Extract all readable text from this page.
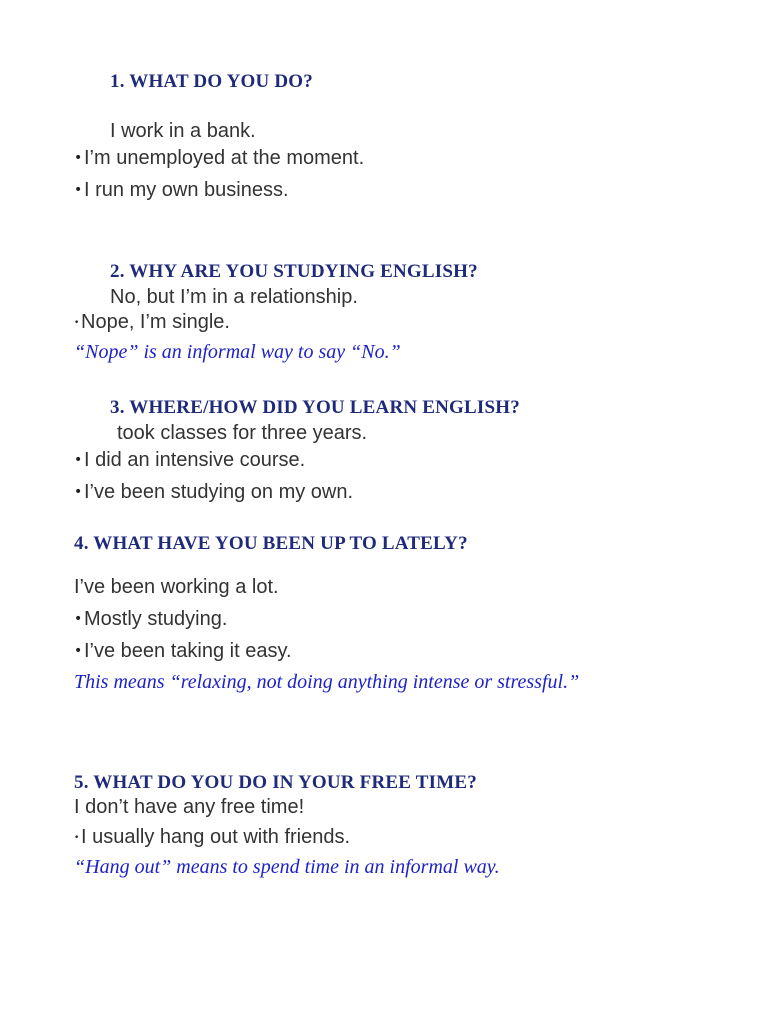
1. WHAT DO YOU DO?
I work in a bank.
•I’m unemployed at the moment.
•I run my own business.
2. WHY ARE YOU STUDYING ENGLISH?
No, but I’m in a relationship.
•Nope, I’m single.
“Nope” is an informal way to say “No.”
3. WHERE/HOW DID YOU LEARN ENGLISH?
took classes for three years.
•I did an intensive course.
•I’ve been studying on my own.
4. WHAT HAVE YOU BEEN UP TO LATELY?
I’ve been working a lot.
•Mostly studying.
•I’ve been taking it easy.
This means “relaxing, not doing anything intense or stressful.”
5. WHAT DO YOU DO IN YOUR FREE TIME?
I don’t have any free time!
•I usually hang out with friends.
“Hang out” means to spend time in an informal way.
